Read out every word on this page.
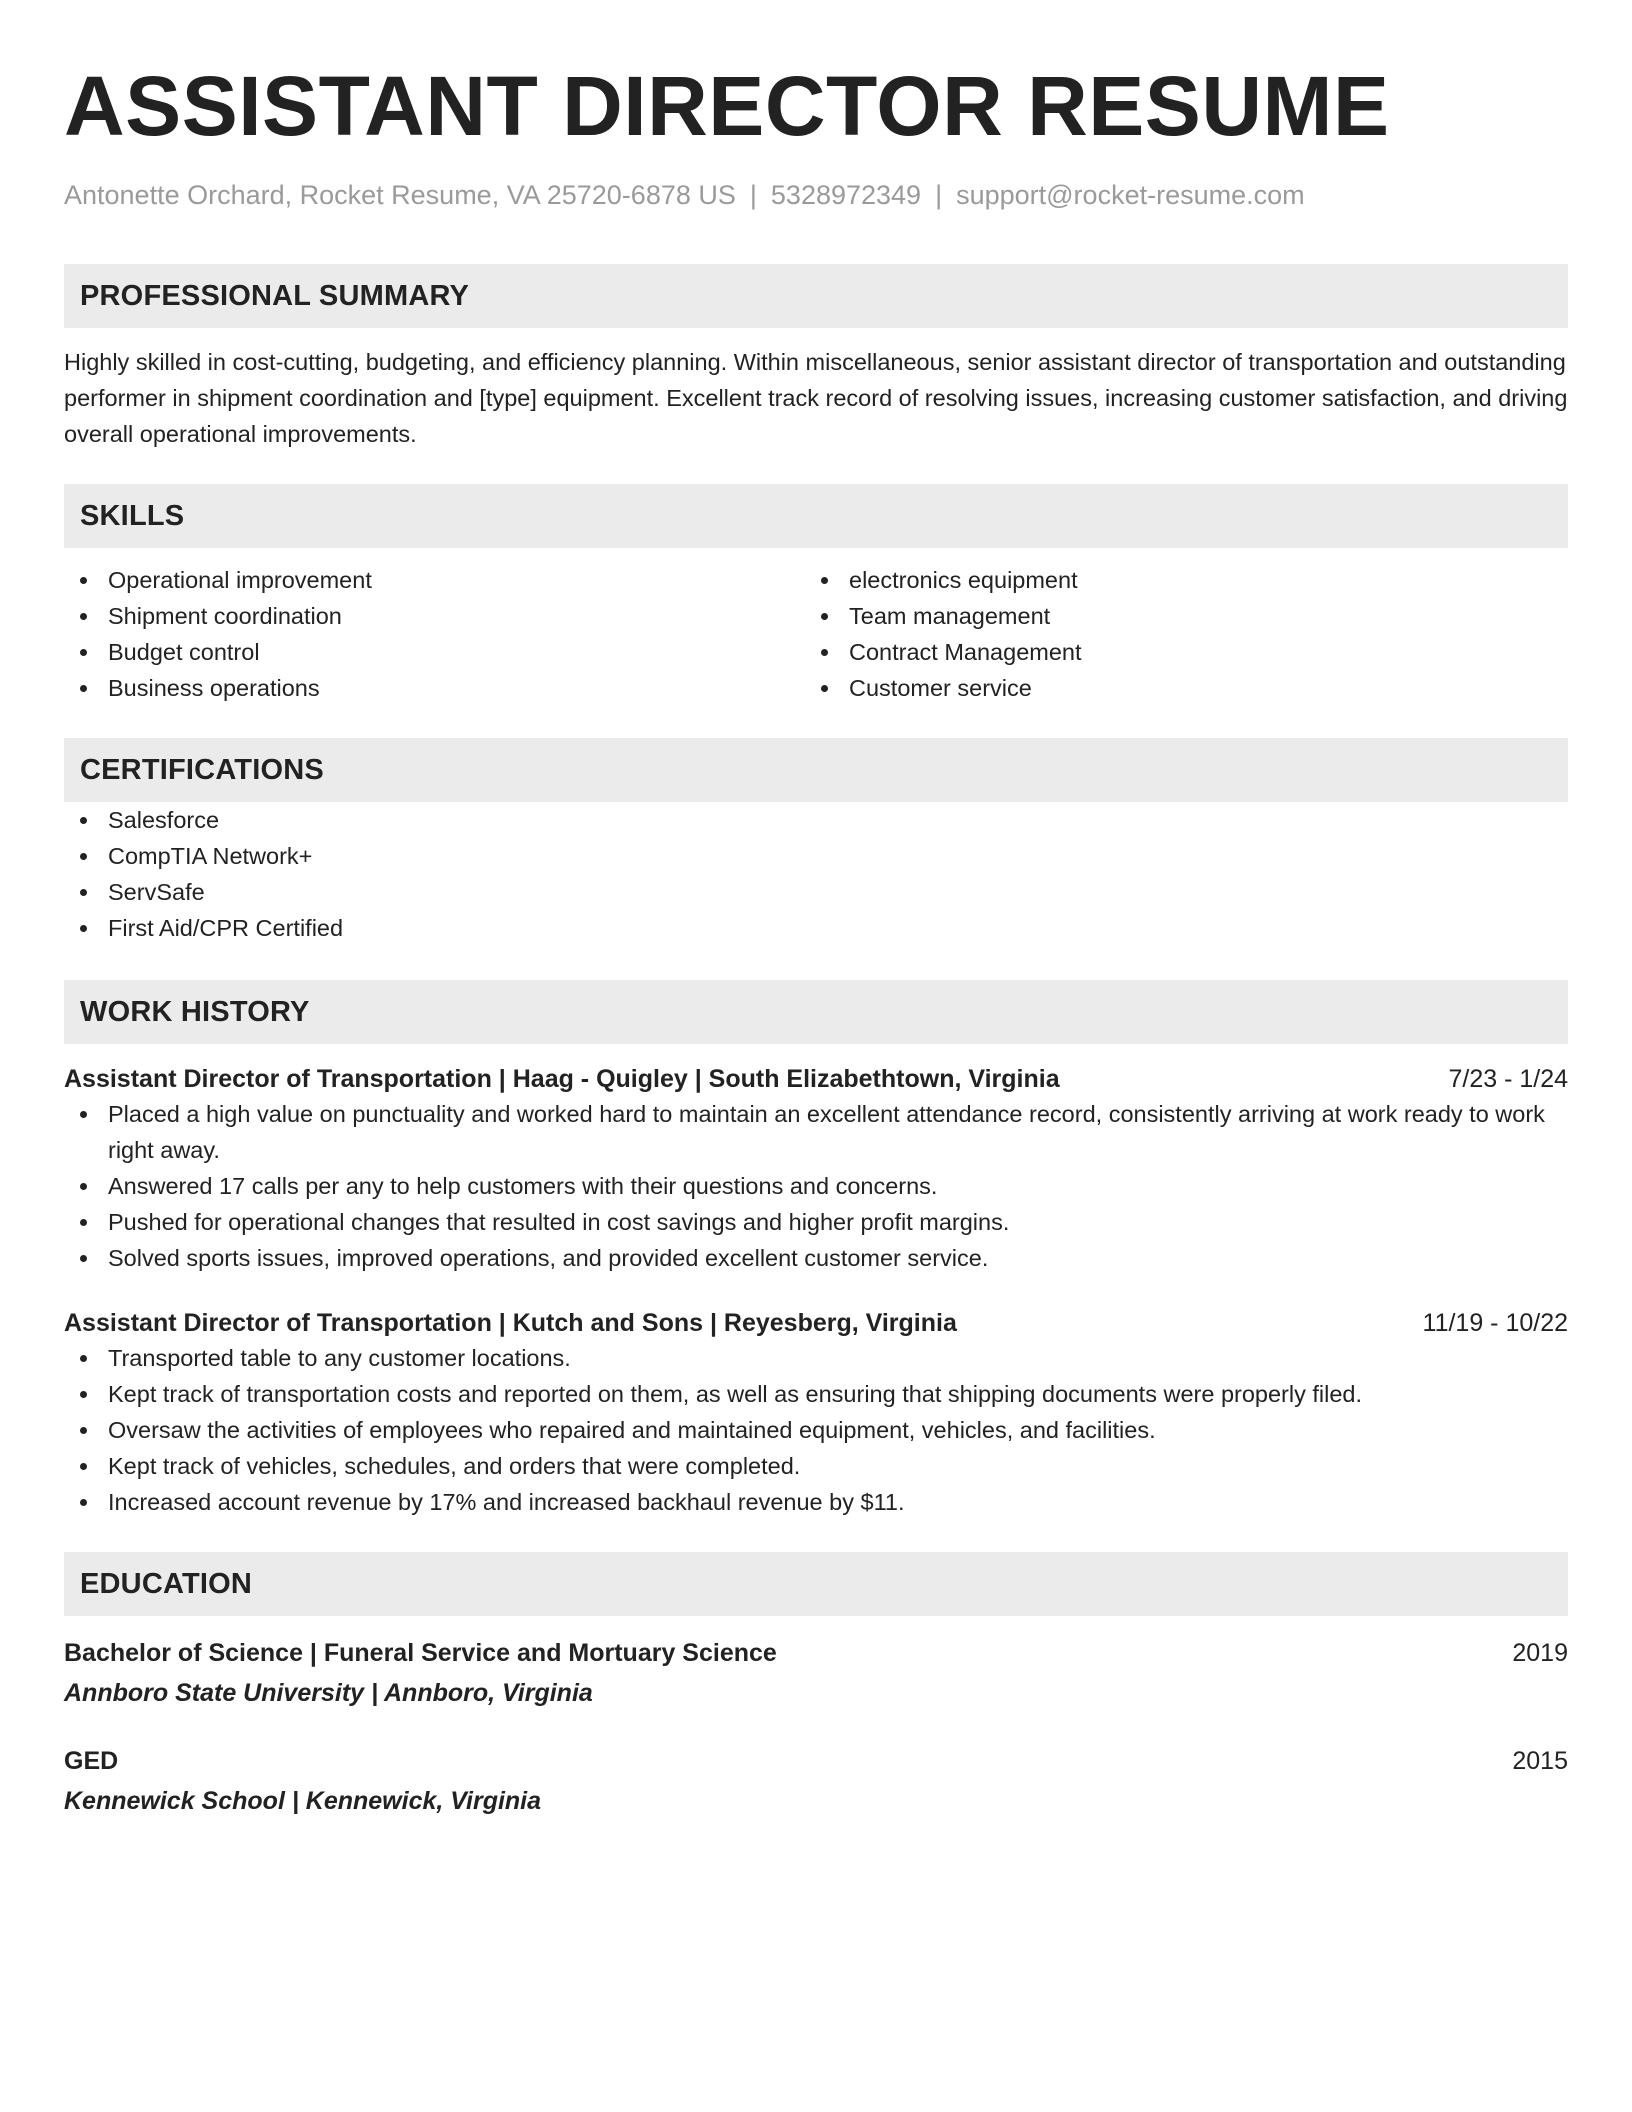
ASSISTANT DIRECTOR RESUME
Antonette Orchard, Rocket Resume, VA 25720-6878 US | 5328972349 | support@rocket-resume.com
PROFESSIONAL SUMMARY

Highly skilled in cost-cutting, budgeting, and efficiency planning. Within miscellaneous, senior assistant director of transportation and outstanding performer in shipment coordination and [type] equipment. Excellent track record of resolving issues, increasing customer satisfaction, and driving overall operational improvements.

SKILLS
Operational improvement
Shipment coordination
Budget control
Business operations
electronics equipment
Team management
Contract Management
Customer service
CERTIFICATIONS
Salesforce
CompTIA Network+
ServSafe
First Aid/CPR Certified
WORK HISTORY
Assistant Director of Transportation | Haag - Quigley | South Elizabethtown, Virginia	7/23 - 1/24
Placed a high value on punctuality and worked hard to maintain an excellent attendance record, consistently arriving at work ready to work right away.
Answered 17 calls per any to help customers with their questions and concerns.
Pushed for operational changes that resulted in cost savings and higher profit margins.
Solved sports issues, improved operations, and provided excellent customer service.
Assistant Director of Transportation | Kutch and Sons | Reyesberg, Virginia	11/19 - 10/22
Transported table to any customer locations.
Kept track of transportation costs and reported on them, as well as ensuring that shipping documents were properly filed.
Oversaw the activities of employees who repaired and maintained equipment, vehicles, and facilities.
Kept track of vehicles, schedules, and orders that were completed.
Increased account revenue by 17% and increased backhaul revenue by $11.
EDUCATION
Bachelor of Science | Funeral Service and Mortuary Science	2019
Annboro State University | Annboro, Virginia
GED	2015
Kennewick School | Kennewick, Virginia
